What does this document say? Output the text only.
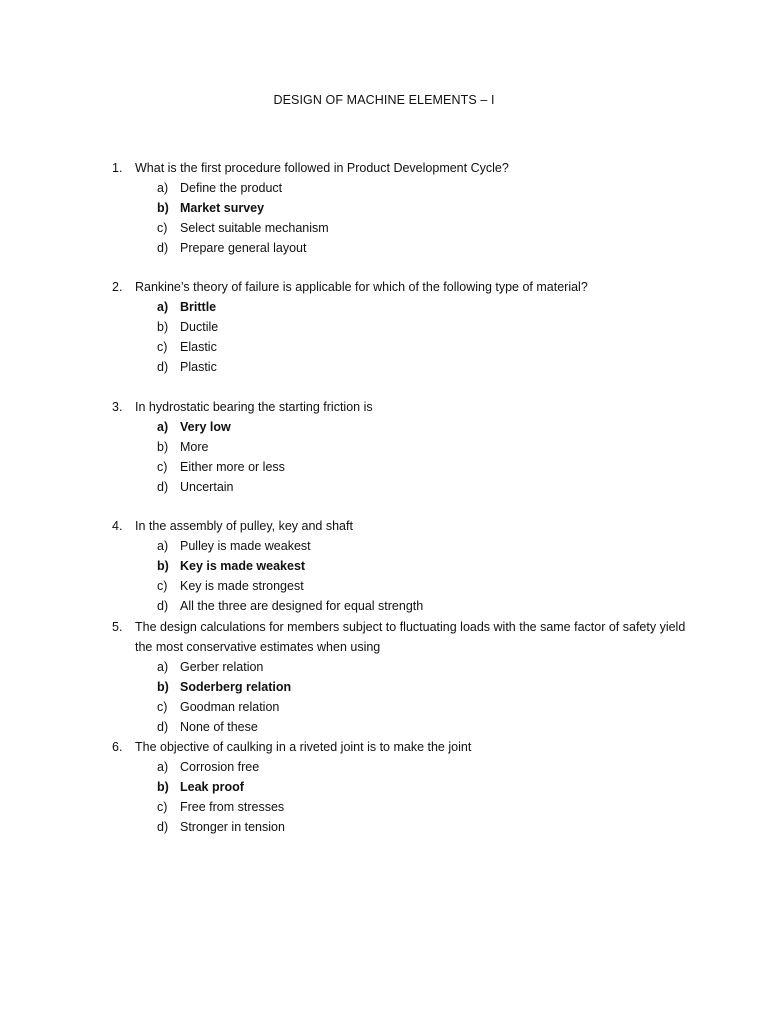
DESIGN OF MACHINE ELEMENTS – I
1.	What is the first procedure followed in Product Development Cycle?
a) Define the product
b) Market survey
c)	Select suitable mechanism
d) Prepare general layout
2.	Rankine’s theory of failure is applicable for which of the following type of material?
a) Brittle
b) Ductile
c)	Elastic
d) Plastic
3.	In hydrostatic bearing the starting friction is
a) Very low
b) More
c)	Either more or less
d) Uncertain
4.	In the assembly of pulley, key and shaft
a) Pulley is made weakest
b) Key is made weakest
c)	Key is made strongest
d) All the three are designed for equal strength
5.	The design calculations for members subject to fluctuating loads with the same factor of safety yield the most conservative estimates when using
a) Gerber relation
b) Soderberg relation
c)	Goodman relation
d) None of these
6.	The objective of caulking in a riveted joint is to make the joint
a) Corrosion free
b) Leak proof
c)	Free from stresses
d) Stronger in tension
